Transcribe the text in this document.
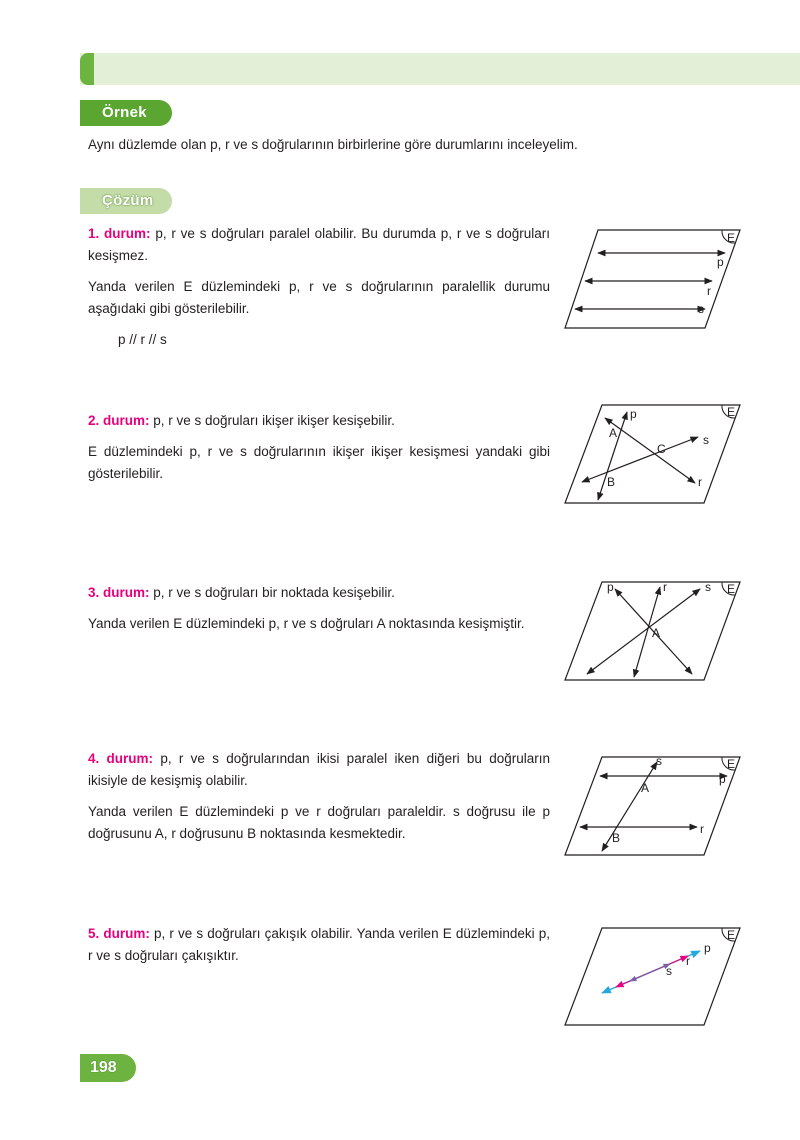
Örnek
Aynı düzlemde olan p, r ve s doğrularının birbirlerine göre durumlarını inceleyelim.
Çözüm

1. durum: p, r ve s doğruları paralel olabilir. Bu durumda p, r ve s doğruları kesişmez.

Yanda verilen E düzlemindeki p, r ve s doğrularının paralellik durumu aşağıdaki gibi gösterilebilir.

p // r // s

2. durum: p, r ve s doğruları ikişer ikişer kesişebilir.

E düzlemindeki p, r ve s doğrularının ikişer ikişer kesişmesi yandaki gibi gösterilebilir.

3. durum: p, r ve s doğruları bir noktada kesişebilir.

Yanda verilen E düzlemindeki p, r ve s doğruları A noktasında kesişmiştir.

4. durum: p, r ve s doğrularından ikisi paralel iken diğeri bu doğruların ikisiyle de kesişmiş olabilir.

Yanda verilen E düzlemindeki p ve r doğruları paraleldir. s doğrusu ile p doğrusunu A, r doğrusunu B noktasında kesmektedir.

5. durum: p, r ve s doğruları çakışık olabilir. Yanda verilen E düzlemindeki p, r ve s doğruları çakışıktır.

E
p
r
s
E
p
s
r
A
C
B
E
p	r	s
A
E
p
r
s
A
B
E
p
r
s
198
